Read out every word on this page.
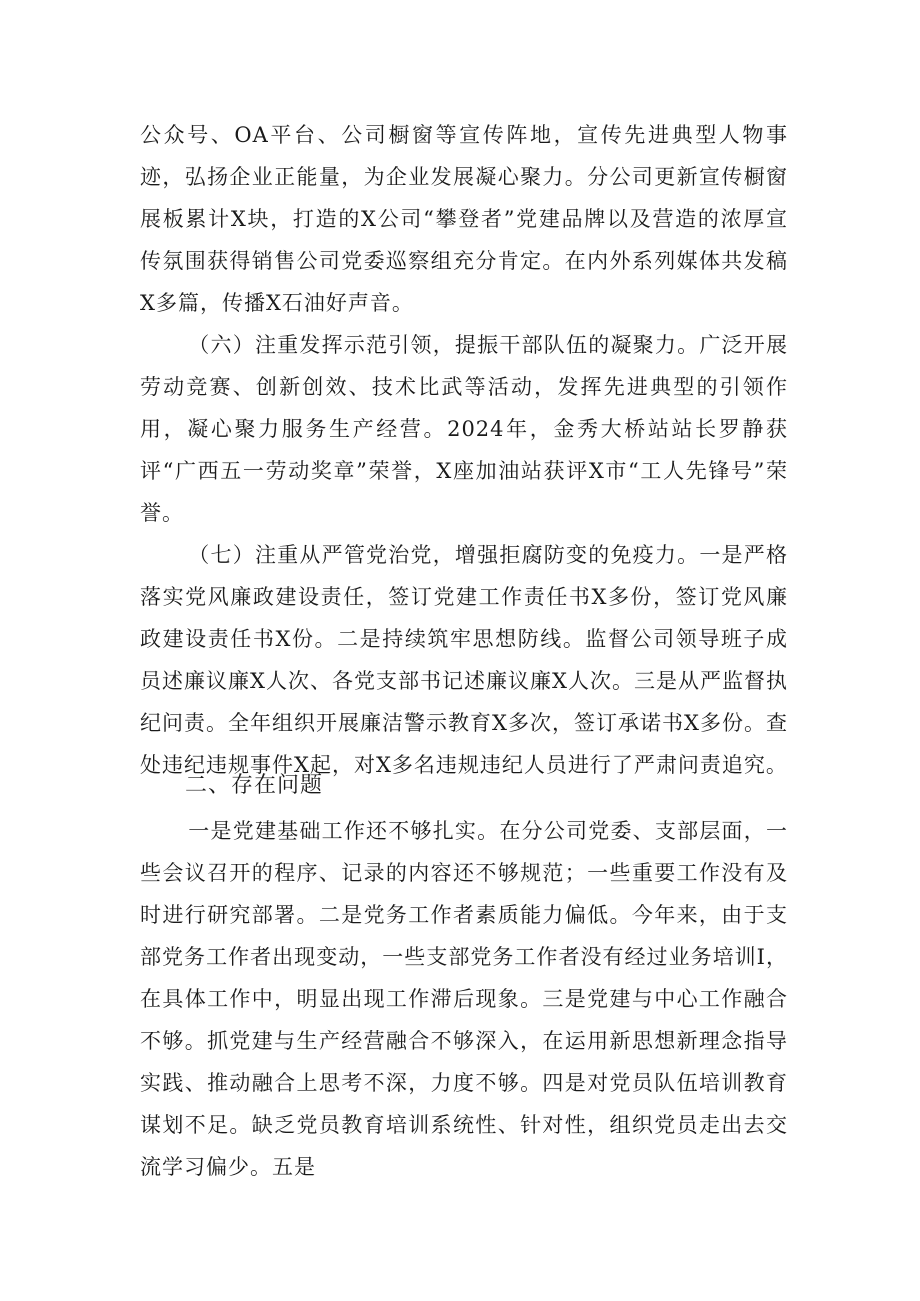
公众号、OA平台、公司橱窗等宣传阵地，宣传先进典型人物事迹，弘扬企业正能量，为企业发展凝心聚力。分公司更新宣传橱窗展板累计X块，打造的X公司“攀登者”党建品牌以及营造的浓厚宣传氛围获得销售公司党委巡察组充分肯定。在内外系列媒体共发稿X多篇，传播X石油好声音。

（六）注重发挥示范引领，提振干部队伍的凝聚力。广泛开展劳动竞赛、创新创效、技术比武等活动，发挥先进典型的引领作用，凝心聚力服务生产经营。2024年，金秀大桥站站长罗静获评“广西五一劳动奖章”荣誉，X座加油站获评X市“工人先锋号”荣誉。

（七）注重从严管党治党，增强拒腐防变的免疫力。一是严格落实党风廉政建设责任，签订党建工作责任书X多份，签订党风廉政建设责任书X份。二是持续筑牢思想防线。监督公司领导班子成员述廉议廉X人次、各党支部书记述廉议廉X人次。三是从严监督执纪问责。全年组织开展廉洁警示教育X多次，签订承诺书X多份。查处违纪违规事件X起，对X多名违规违纪人员进行了严肃问责追究。

二、存在问题

一是党建基础工作还不够扎实。在分公司党委、支部层面，一些会议召开的程序、记录的内容还不够规范；一些重要工作没有及时进行研究部署。二是党务工作者素质能力偏低。今年来，由于支部党务工作者出现变动，一些支部党务工作者没有经过业务培训I，在具体工作中，明显出现工作滞后现象。三是党建与中心工作融合不够。抓党建与生产经营融合不够深入，在运用新思想新理念指导实践、推动融合上思考不深，力度不够。四是对党员队伍培训教育谋划不足。缺乏党员教育培训系统性、针对性，组织党员走出去交流学习偏少。五是
